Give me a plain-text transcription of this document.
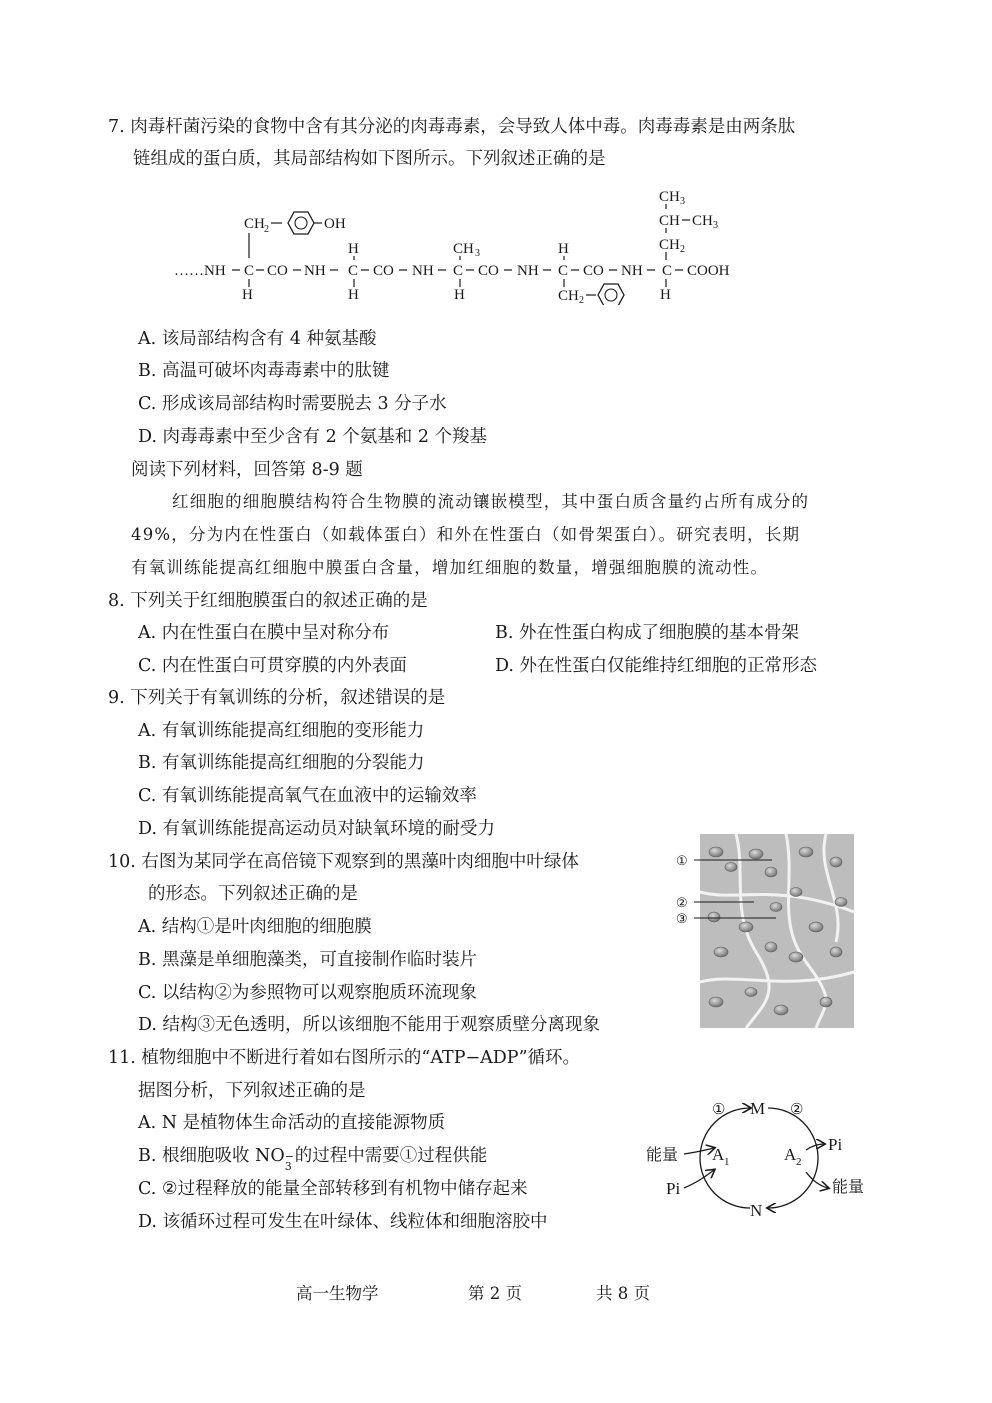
7. 肉毒杆菌污染的食物中含有其分泌的肉毒毒素，会导致人体中毒。肉毒毒素是由两条肽
链组成的蛋白质，其局部结构如下图所示。下列叙述正确的是
……NH C CO NH C CO NH C CO NH C CO NH C COOH
H
CH 2	OH
H
H
CH 3
H
H
CH 2
CH 3
CH CH 3
CH 2
H
A. 该局部结构含有 4 种氨基酸
B. 高温可破坏肉毒毒素中的肽键
C. 形成该局部结构时需要脱去 3 分子水
D. 肉毒毒素中至少含有 2 个氨基和 2 个羧基
阅读下列材料，回答第 8-9 题
红细胞的细胞膜结构符合生物膜的流动镶嵌模型，其中蛋白质含量约占所有成分的
49%，分为内在性蛋白（如载体蛋白）和外在性蛋白（如骨架蛋白）。研究表明，长期
有氧训练能提高红细胞中膜蛋白含量，增加红细胞的数量，增强细胞膜的流动性。
8. 下列关于红细胞膜蛋白的叙述正确的是
A. 内在性蛋白在膜中呈对称分布	B. 外在性蛋白构成了细胞膜的基本骨架
C. 内在性蛋白可贯穿膜的内外表面	D. 外在性蛋白仅能维持红细胞的正常形态
9. 下列关于有氧训练的分析，叙述错误的是
A. 有氧训练能提高红细胞的变形能力
B. 有氧训练能提高红细胞的分裂能力
C. 有氧训练能提高氧气在血液中的运输效率
D. 有氧训练能提高运动员对缺氧环境的耐受力
10. 右图为某同学在高倍镜下观察到的黑藻叶肉细胞中叶绿体
的形态。下列叙述正确的是
A. 结构①是叶肉细胞的细胞膜
B. 黑藻是单细胞藻类，可直接制作临时装片
C. 以结构②为参照物可以观察胞质环流现象
D. 结构③无色透明，所以该细胞不能用于观察质壁分离现象
①
②
③
11. 植物细胞中不断进行着如右图所示的“ATP−ADP”循环。
据图分析，下列叙述正确的是
A. N 是植物体生命活动的直接能源物质
B. 根细胞吸收 NO −
3
的过程中需要①过程供能
C. ②过程释放的能量全部转移到有机物中储存起来
D. 该循环过程可发生在叶绿体、线粒体和细胞溶胶中
① M ②
能量 A 1	A 2
Pi
Pi	能量
N
高一生物学	第 2 页	共 8 页
